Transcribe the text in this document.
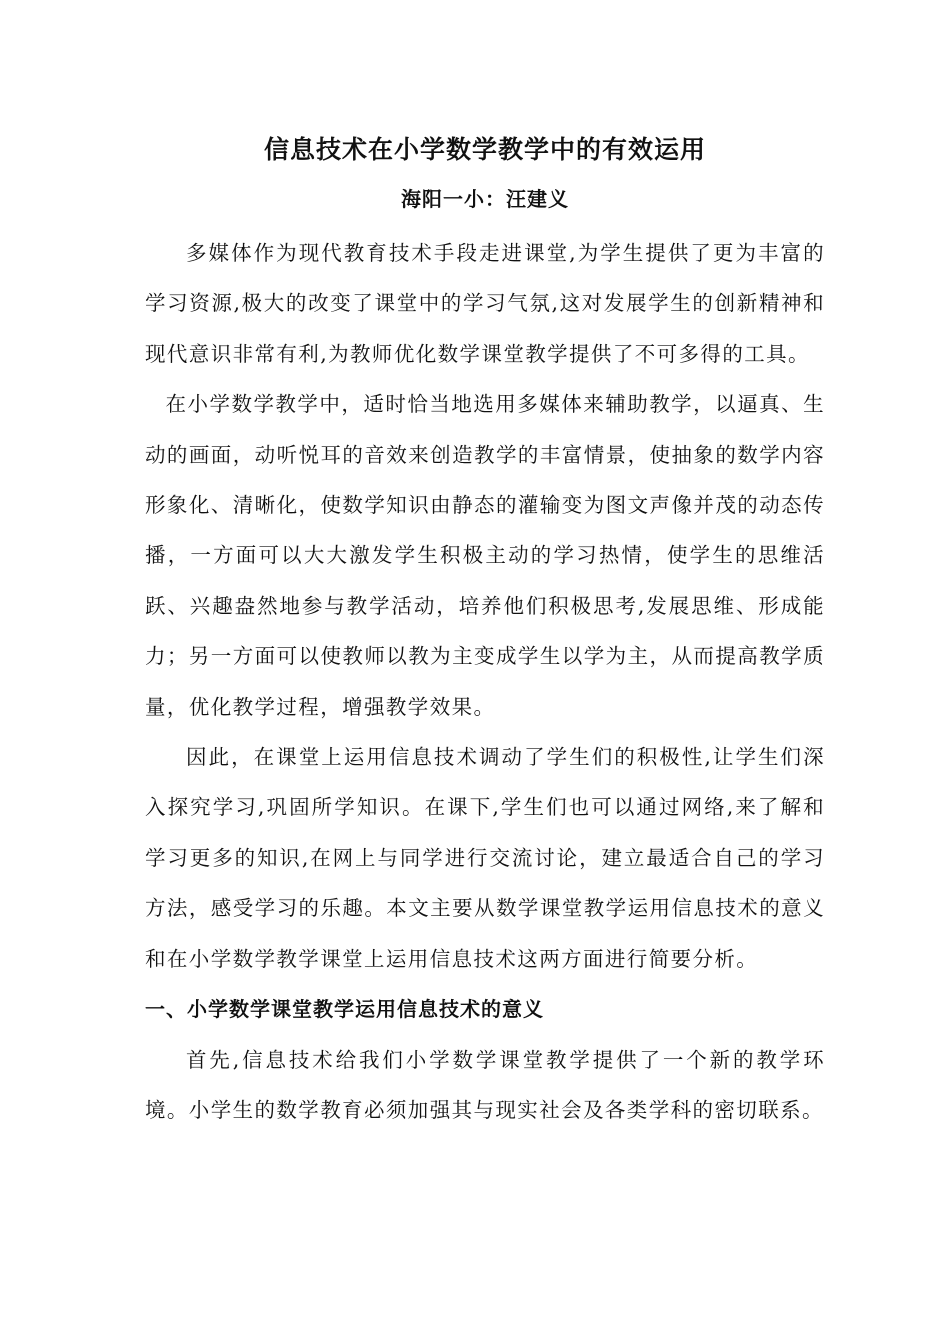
信息技术在小学数学教学中的有效运用
海阳一小：汪建义

多媒体作为现代教育技术手段走进课堂,为学生提供了更为丰富的学习资源,极大的改变了课堂中的学习气氛,这对发展学生的创新精神和现代意识非常有利,为教师优化数学课堂教学提供了不可多得的工具。

在小学数学教学中，适时恰当地选用多媒体来辅助教学，以逼真、生动的画面，动听悦耳的音效来创造教学的丰富情景，使抽象的数学内容形象化、清晰化，使数学知识由静态的灌输变为图文声像并茂的动态传播，一方面可以大大激发学生积极主动的学习热情，使学生的思维活跃、兴趣盎然地参与教学活动，培养他们积极思考,发展思维、形成能力；另一方面可以使教师以教为主变成学生以学为主，从而提高教学质量，优化教学过程，增强教学效果。

因此，在课堂上运用信息技术调动了学生们的积极性,让学生们深入探究学习,巩固所学知识。在课下,学生们也可以通过网络,来了解和学习更多的知识,在网上与同学进行交流讨论，建立最适合自己的学习方法，感受学习的乐趣。本文主要从数学课堂教学运用信息技术的意义和在小学数学教学课堂上运用信息技术这两方面进行简要分析。

一、小学数学课堂教学运用信息技术的意义

首先,信息技术给我们小学数学课堂教学提供了一个新的教学环境。小学生的数学教育必须加强其与现实社会及各类学科的密切联系。
